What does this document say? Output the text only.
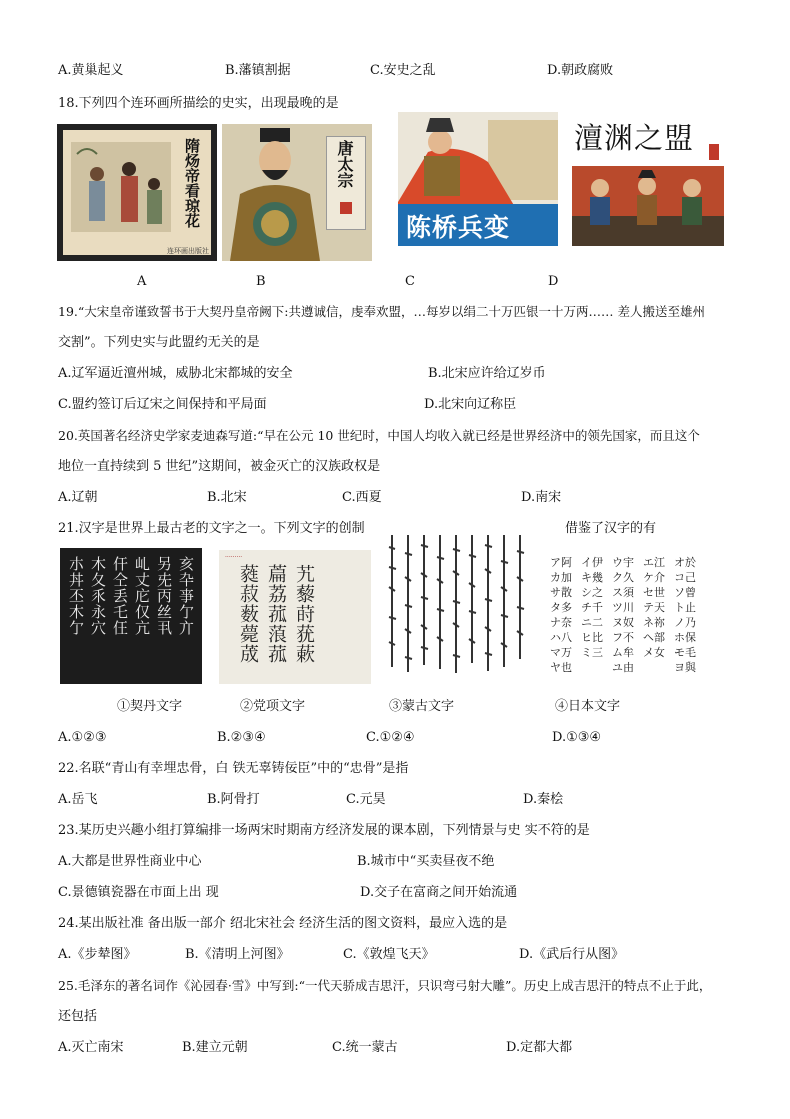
A.黄巢起义	B.藩镇割据	C.安史之乱	D.朝政腐败
18.下列四个连环画所描绘的史实，出现最晚的是
隋炀帝看琼花
连环画出版社
唐太宗
陈桥兵变
澶渊之盟
A	B	C	D
19.“大宋皇帝谨致誓书于大契丹皇帝阙下:共遵诚信，虔奉欢盟，…每岁以绢二十万匹银一十万两…… 差人搬送至雄州
交割”。下列史实与此盟约无关的是
A.辽军逼近澶州城，威胁北宋都城的安全	B.北宋应许给辽岁币
C.盟约签订后辽宋之间保持和平局面	D.北宋向辽称臣
20.英国著名经济史学家麦迪森写道:“早在公元 10 世纪时，中国人均收入就已经是世界经济中的领先国家，而且这个
地位一直持续到 5 世纪”这期间，被金灭亡的汉族政权是
A.辽朝	B.北宋	C.西夏	D.南宋
21.汉字是世界上最古老的文字之一。下列文字的创制	借鉴了汉字的有
亥卆亊亇亣
另兂丙丝丮
乢丈庀仅亢
仠仝丢乇仼
木夂乑永穴
朩丼丕木亇	·········
蕤菽薮薨荿 萹荔菰蒗菰 艽藜莳莸蔌
ア阿 イ伊 ウ宇 エ江 オ於
カ加 キ幾 ク久 ケ介 コ己
サ散 シ之 ス須 セ世 ソ曾
タ多 チ千 ツ川 テ天 ト止
ナ奈 ニ二 ヌ奴 ネ祢 ノ乃
ハ八 ヒ比 フ不 ヘ部 ホ保
マ万 ミ三 ム牟 メ女 モ毛
ヤ也	ユ由	ヨ與
①契丹文字	②党项文字	③蒙古文字	④日本文字
A.①②③	B.②③④	C.①②④	D.①③④
22.名联“青山有幸埋忠骨，白 铁无辜铸佞臣”中的“忠骨”是指
A.岳飞	B.阿骨打	C.元昊	D.秦桧
23.某历史兴趣小组打算编排一场两宋时期南方经济发展的课本剧，下列情景与史 实不符的是
A.大都是世界性商业中心	B.城市中“买卖昼夜不绝
C.景德镇瓷器在市面上出 现	D.交子在富商之间开始流通
24.某出版社准 备出版一部介 绍北宋社会 经济生活的图文资料，最应入选的是
A.《步辇图》	B.《清明上河图》	C.《敦煌飞天》	D.《武后行从图》
25.毛泽东的著名词作《沁园春·雪》中写到:“一代天骄成吉思汗，只识弯弓射大雕”。历史上成吉思汗的特点不止于此，
还包括
A.灭亡南宋	B.建立元朝	C.统一蒙古	D.定都大都
